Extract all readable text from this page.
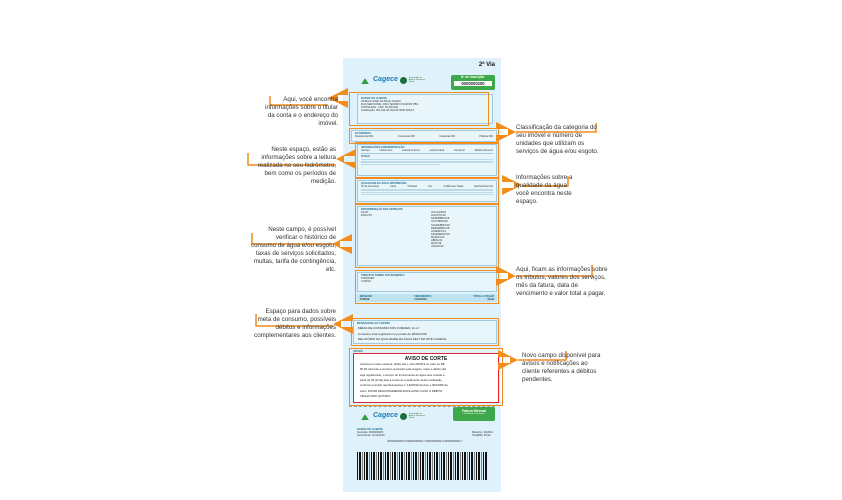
2ª Via
Cagece	Companhia de Água e Esgoto do Ceará
Nº de Inscrição:
0000000200
DADOS DO CLIENTE
JOSELIA JOSE DA SILVA JUVADI
RUA SEM NOME, 2000, BAIRRO FICADOR PBS
FORTALEZA - CEP: 60.000-000
Codificação: 001.044.36.nb(0.00.0000.000)0.1
ECONOMIAS
Residencial 001	Comercial 000	Industrial 000	Pública 000
INFORMAÇÕES HIDROMETRAÇÃO
Serviço	Hidrômetro	Leitura Anterior	Leitura Atual	Consumo	Média últimos 6
DATAS
QUALIDADE DA ÁGUA DISTRIBUÍDA
Nº de Amostras	Cloro	Turbidez	Cor	Coliformes Totais	Escherichia Coli
DISCRIMINAÇÃO DOS SERVIÇOS
ÁGUA
ESGOTO
JULHO/2018
AGOSTO/18
SETEMBRO/18
OUTUBRO/18
NOVEMBRO/18
DEZEMBRO/18
JANEIRO/19
FEVEREIRO/19
MARÇO/19
ABRIL/19
MAIO/19
JUNHO/19
TRIBUTOS SOBRE FATURAMENTO
PIS/PASEP
COFINS
MÊS/ANO
10/2019
VENCIMENTO
11/11/2019
TOTAL A PAGAR
50,94
MENSAGENS AO CLIENTE
MÉDIA DE CONSUMO DOS 6 MESES: 11 m³
Consumo total registrado no período de 28/10/2019
RELATÓRIO DA QUALIDADE DA ÁGUA FELT NO SITE CAGECE
AVISOS
AVISO DE CORTE
Consta em nosso sistema, débito até o mês 09/2019 no valor de R$
50,92 referente a serviços prestados pela Cagece. Caso o débito não
seja regularizado, o serviço de fornecimento de água será cortado a
partir de 30 (trinta) dias a contar do recebimento desta notificação,
conforme previsto nas Resoluções nº 130/2010 da Arce e 003/2006 da
Acfor. FAVOR DESCONSIDERAR ESTE AVISO CASO O DÉBITO
TENHA SIDO QUITADO.
Cagece	Companhia de Água e Esgoto do Ceará
Fatura Mensal
Recebimento via banco
DADOS DO CLIENTE
Inscrição: 0000000200
Vencimento: 11/11/2019
Mês/Ano: 10/2019
Total(R$): 50,94
82620000000-0 50940000000-7 00000000000-0 00000000000-7
Aqui, você encontra informações sobre o titular da conta e o endereço do imóvel.
Neste espaço, estão as informações sobre a leitura realizada no seu hidrômetro, bem como os períodos de medição.
Neste campo, é possível verificar o histórico de consumo de água e/ou esgoto, taxas de serviços solicitados, multas, tarifa de contingência, etc.
Espaço para dados sobre meta de consumo, possíveis débitos e informações complementares aos clientes.
Classificação da categoria do seu imóvel e número de unidades que utilizam os serviços de água e/ou esgoto.
Informações sobre a qualidade da água você encontra neste espaço.
Aqui, ficam as informações sobre os tributos, valores dos serviços, mês da fatura, data de vencimento e valor total a pagar.
Novo campo disponível para avisos e notificações ao cliente referentes a débitos pendentes.
